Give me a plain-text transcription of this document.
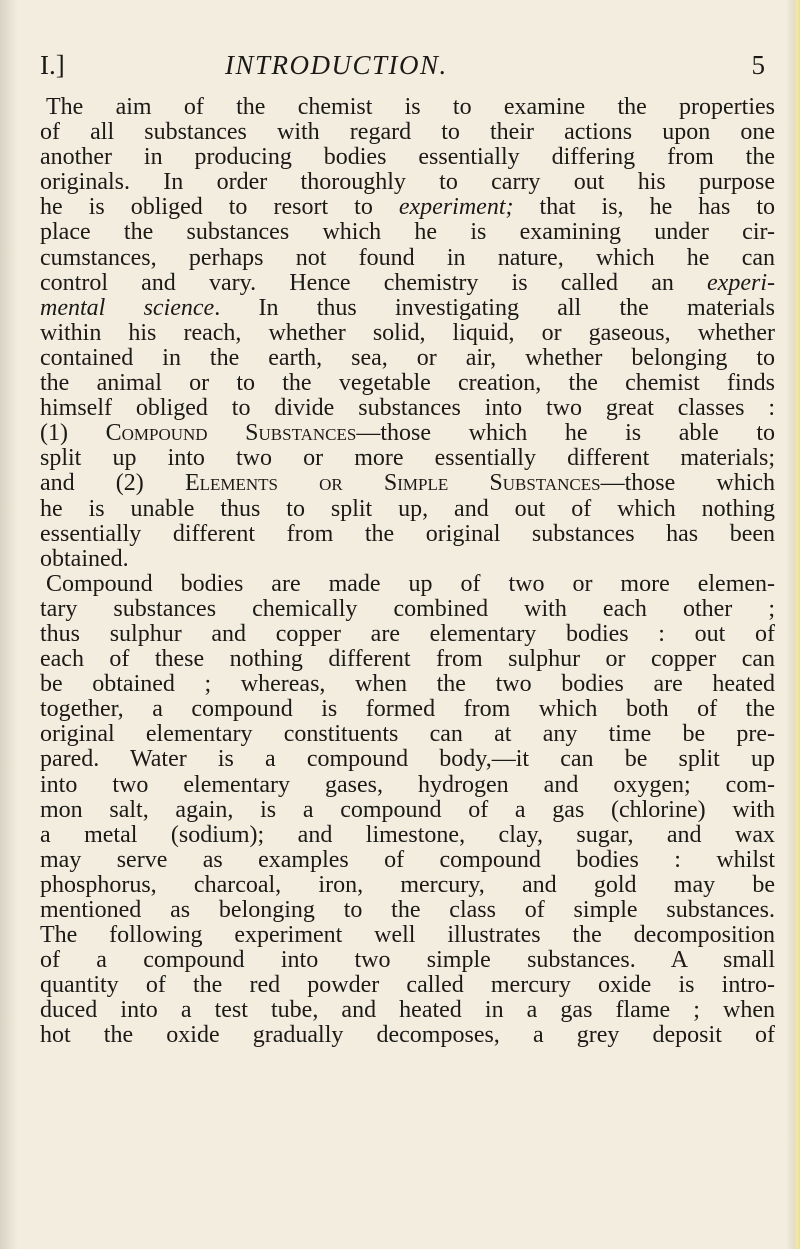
I.]	INTRODUCTION.	5
The aim of the chemist is to examine the properties
of all substances with regard to their actions upon one
another in producing bodies essentially differing from the
originals. In order thoroughly to carry out his purpose
he is obliged to resort to experiment; that is, he has to
place the substances which he is examining under cir-
cumstances, perhaps not found in nature, which he can
control and vary. Hence chemistry is called an experi-
mental science. In thus investigating all the materials
within his reach, whether solid, liquid, or gaseous, whether
contained in the earth, sea, or air, whether belonging to
the animal or to the vegetable creation, the chemist finds
himself obliged to divide substances into two great classes :
(1) Compound Substances—those which he is able to
split up into two or more essentially different materials;
and (2) Elements or Simple Substances—those which
he is unable thus to split up, and out of which nothing
essentially different from the original substances has been
obtained.
Compound bodies are made up of two or more elemen-
tary substances chemically combined with each other ;
thus sulphur and copper are elementary bodies : out of
each of these nothing different from sulphur or copper can
be obtained ; whereas, when the two bodies are heated
together, a compound is formed from which both of the
original elementary constituents can at any time be pre-
pared. Water is a compound body,—it can be split up
into two elementary gases, hydrogen and oxygen; com-
mon salt, again, is a compound of a gas (chlorine) with
a metal (sodium); and limestone, clay, sugar, and wax
may serve as examples of compound bodies : whilst
phosphorus, charcoal, iron, mercury, and gold may be
mentioned as belonging to the class of simple substances.
The following experiment well illustrates the decomposition
of a compound into two simple substances. A small
quantity of the red powder called mercury oxide is intro-
duced into a test tube, and heated in a gas flame ; when
hot the oxide gradually decomposes, a grey deposit of
